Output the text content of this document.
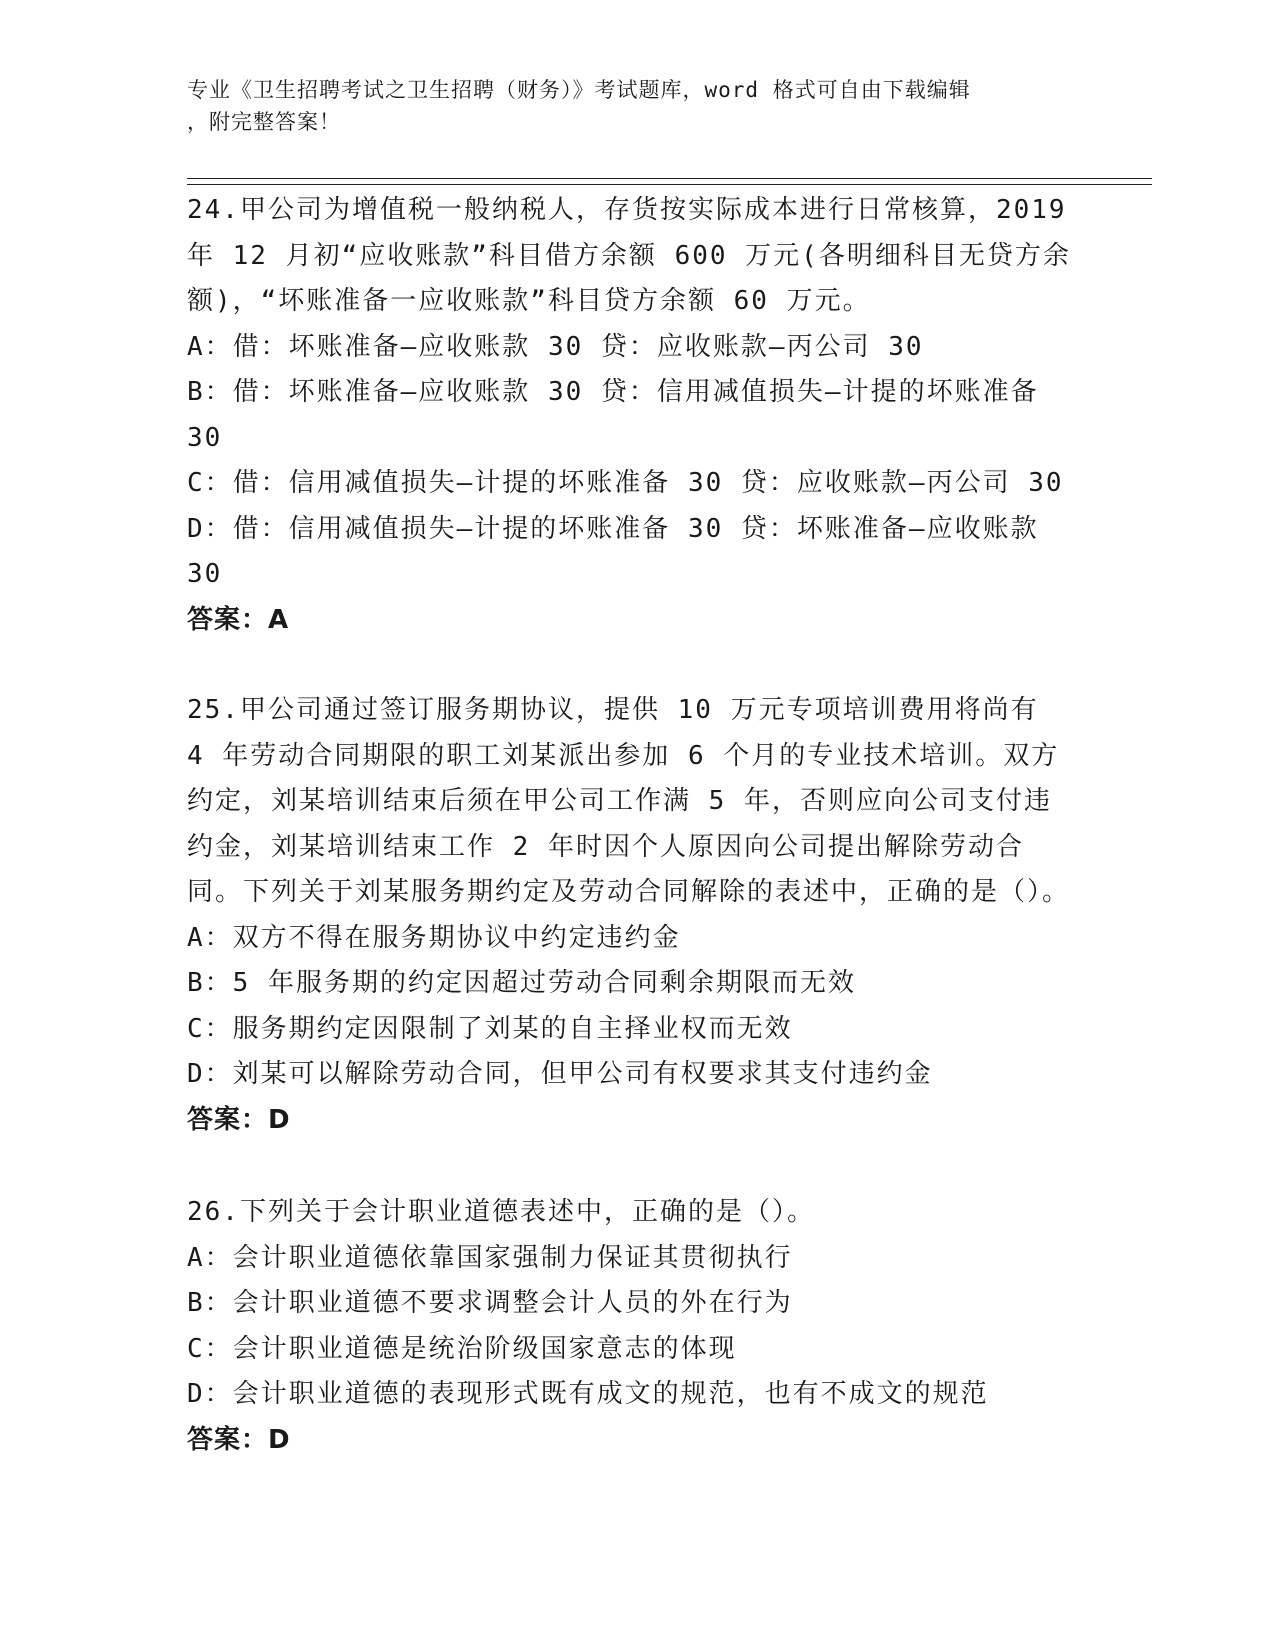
专业《卫生招聘考试之卫生招聘（财务）》考试题库，word 格式可自由下载编辑
，附完整答案！
24.甲公司为增值税一般纳税人，存货按实际成本进行日常核算，2019 年 12 月初“应收账款”科目借方余额 600 万元(各明细科目无贷方余额)，“坏账准备一应收账款”科目贷方余额 60 万元。
A：借：坏账准备—应收账款 30 贷：应收账款—丙公司 30
B：借：坏账准备—应收账款 30 贷：信用减值损失—计提的坏账准备 30
C：借：信用减值损失—计提的坏账准备 30 贷：应收账款—丙公司 30
D：借：信用减值损失—计提的坏账准备 30 贷：坏账准备—应收账款 30
答案：A
25.甲公司通过签订服务期协议，提供 10 万元专项培训费用将尚有 4 年劳动合同期限的职工刘某派出参加 6 个月的专业技术培训。双方约定，刘某培训结束后须在甲公司工作满 5 年，否则应向公司支付违约金，刘某培训结束工作 2 年时因个人原因向公司提出解除劳动合同。下列关于刘某服务期约定及劳动合同解除的表述中，正确的是（）。
A：双方不得在服务期协议中约定违约金
B：5 年服务期的约定因超过劳动合同剩余期限而无效
C：服务期约定因限制了刘某的自主择业权而无效
D：刘某可以解除劳动合同，但甲公司有权要求其支付违约金
答案：D
26.下列关于会计职业道德表述中，正确的是（）。
A：会计职业道德依靠国家强制力保证其贯彻执行
B：会计职业道德不要求调整会计人员的外在行为
C：会计职业道德是统治阶级国家意志的体现
D：会计职业道德的表现形式既有成文的规范，也有不成文的规范
答案：D
